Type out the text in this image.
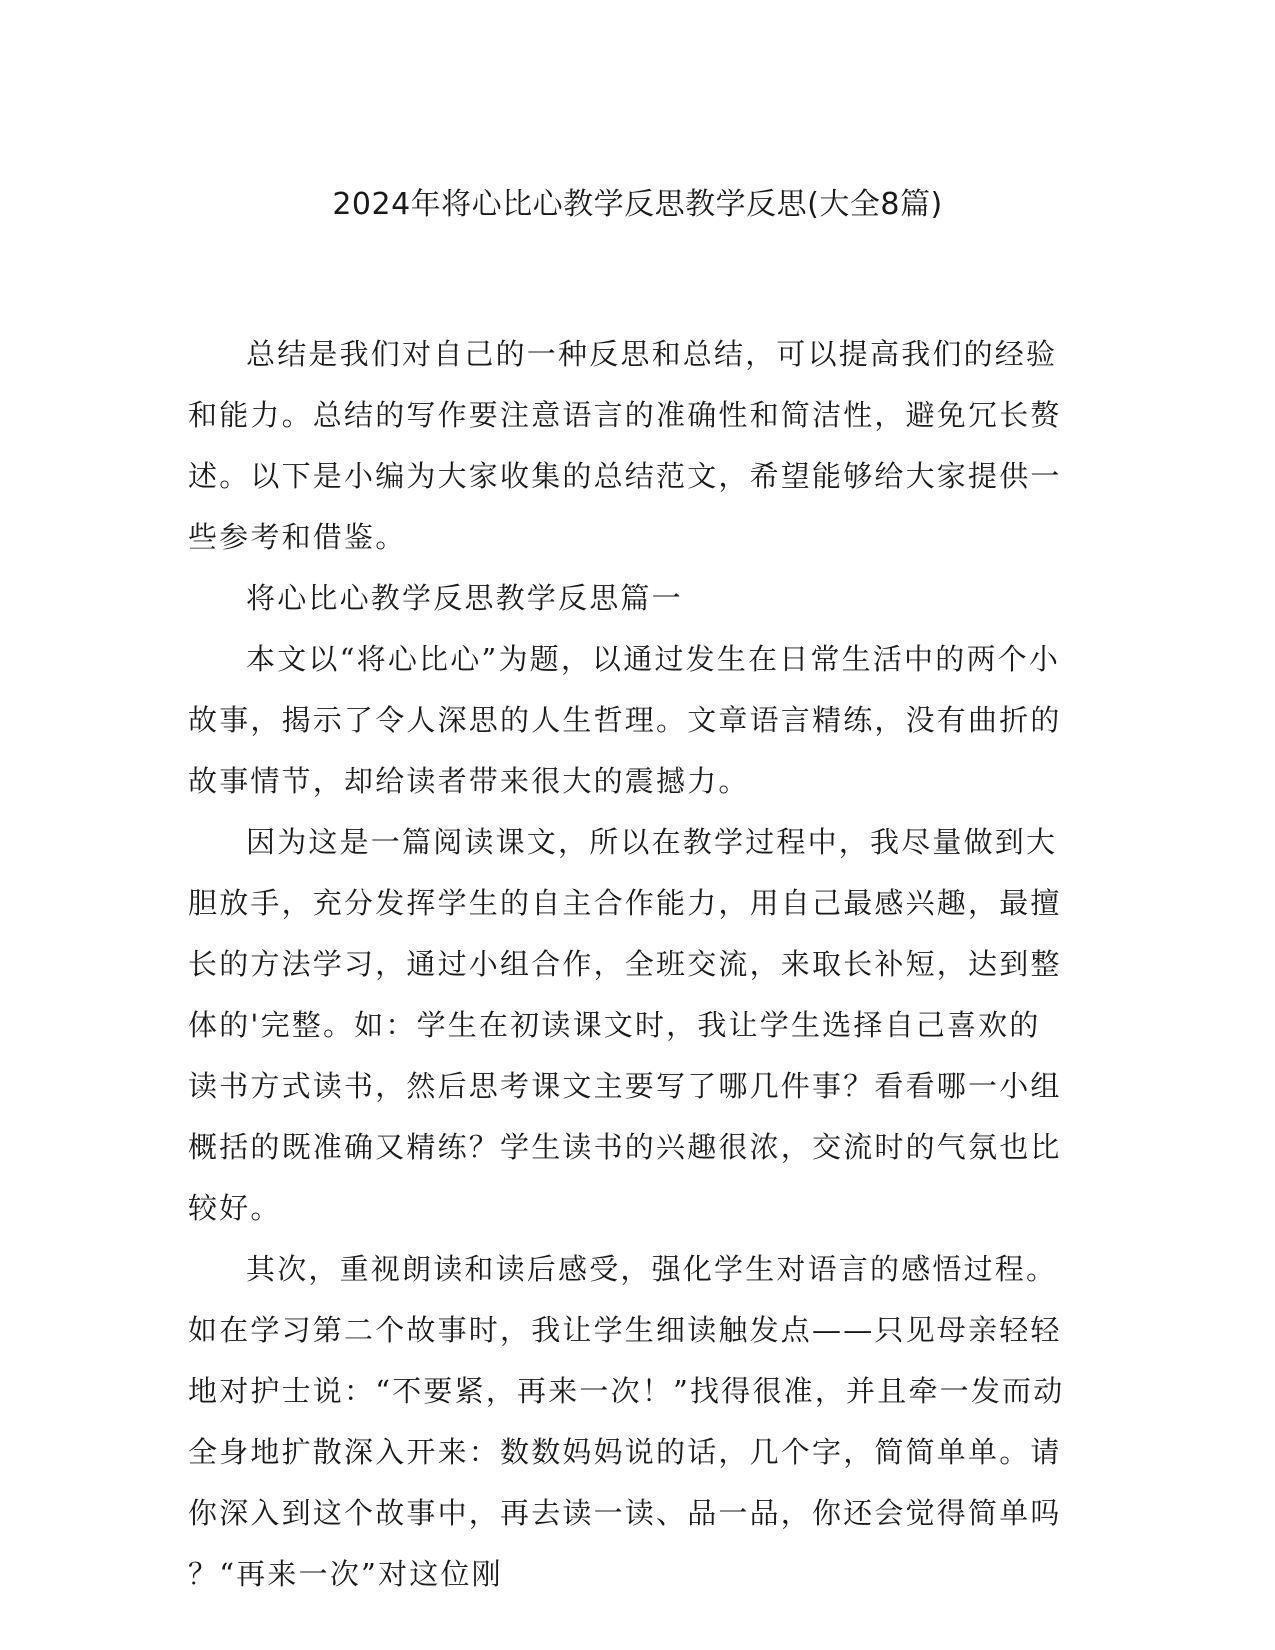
2024年将心比心教学反思教学反思(大全8篇)

总结是我们对自己的一种反思和总结，可以提高我们的经验和能力。总结的写作要注意语言的准确性和简洁性，避免冗长赘述。以下是小编为大家收集的总结范文，希望能够给大家提供一些参考和借鉴。

将心比心教学反思教学反思篇一

本文以“将心比心”为题，以通过发生在日常生活中的两个小故事，揭示了令人深思的人生哲理。文章语言精练，没有曲折的故事情节，却给读者带来很大的震撼力。

因为这是一篇阅读课文，所以在教学过程中，我尽量做到大胆放手，充分发挥学生的自主合作能力，用自己最感兴趣，最擅长的方法学习，通过小组合作，全班交流，来取长补短，达到整体的'完整。如：学生在初读课文时，我让学生选择自己喜欢的读书方式读书，然后思考课文主要写了哪几件事？看看哪一小组概括的既准确又精练？学生读书的兴趣很浓，交流时的气氛也比较好。

其次，重视朗读和读后感受，强化学生对语言的感悟过程。如在学习第二个故事时，我让学生细读触发点——只见母亲轻轻地对护士说：“不要紧，再来一次！”找得很准，并且牵一发而动全身地扩散深入开来：数数妈妈说的话，几个字，简简单单。请你深入到这个故事中，再去读一读、品一品，你还会觉得简单吗？“再来一次”对这位刚
